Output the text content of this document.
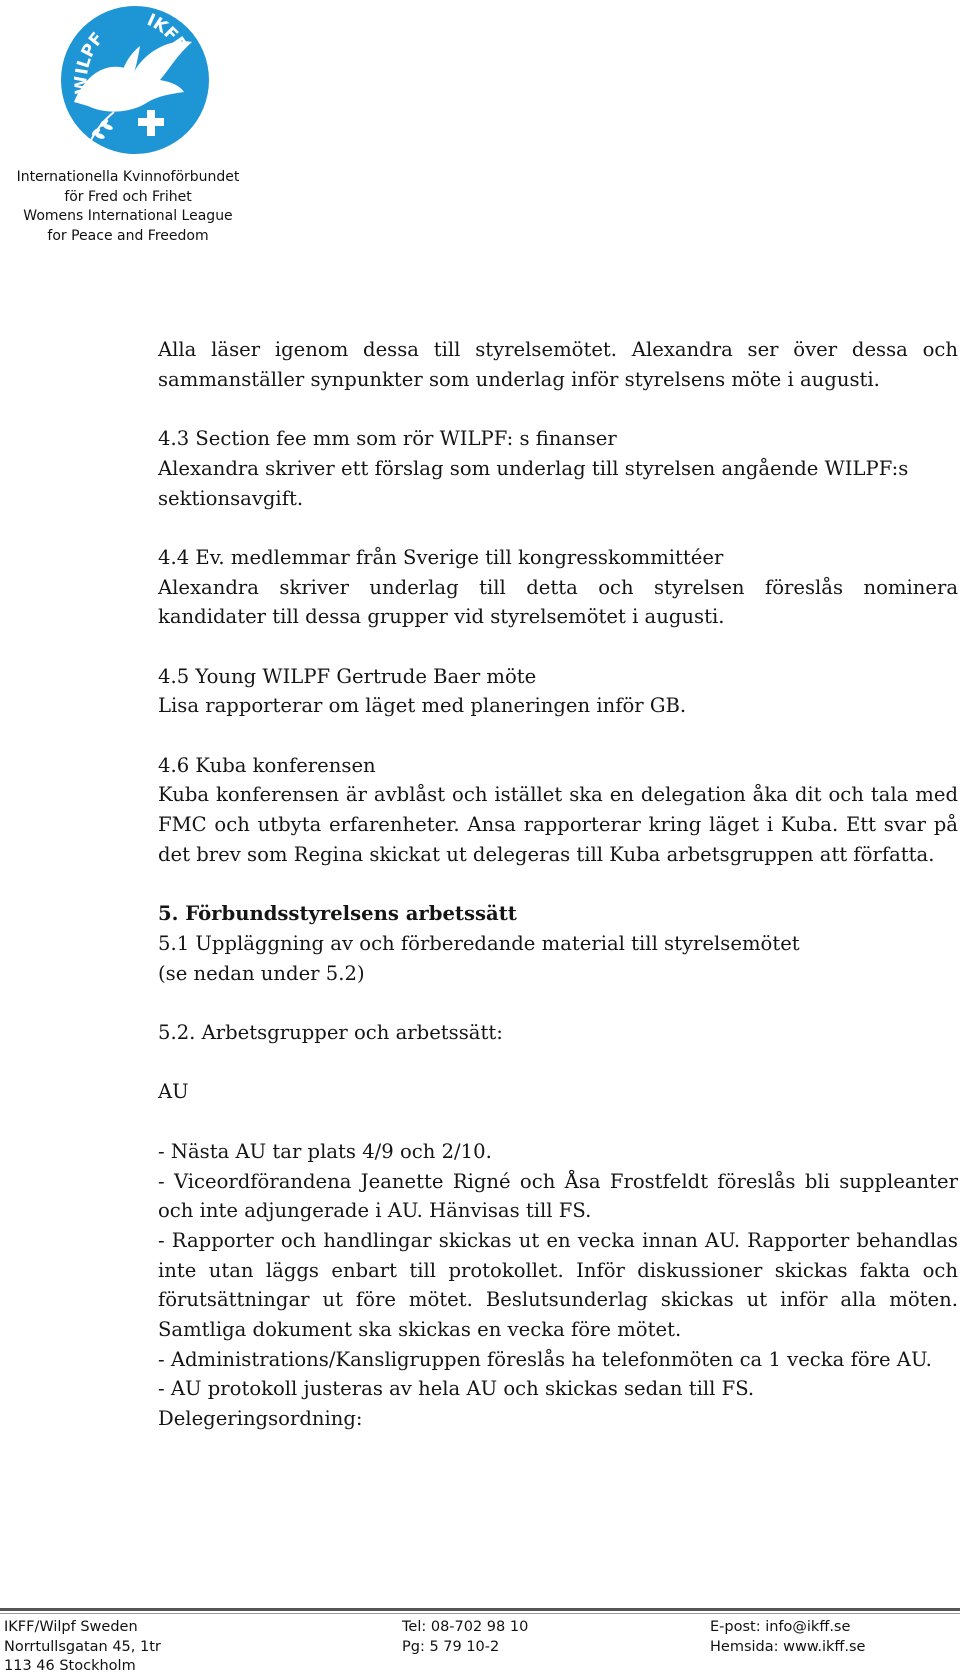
WILPF
IKFF
Internationella Kvinnoförbundet
för Fred och Frihet
Womens International League
for Peace and Freedom

Alla läser igenom dessa till styrelsemötet. Alexandra ser över dessa och sammanställer synpunkter som underlag inför styrelsens möte i augusti.

4.3 Section fee mm som rör WILPF: s finanser

Alexandra skriver ett förslag som underlag till styrelsen angående WILPF:s sektionsavgift.

4.4 Ev. medlemmar från Sverige till kongresskommittéer

Alexandra skriver underlag till detta och styrelsen föreslås nominera kandidater till dessa grupper vid styrelsemötet i augusti.

4.5 Young WILPF Gertrude Baer möte

Lisa rapporterar om läget med planeringen inför GB.

4.6 Kuba konferensen

Kuba konferensen är avblåst och istället ska en delegation åka dit och tala med FMC och utbyta erfarenheter. Ansa rapporterar kring läget i Kuba. Ett svar på det brev som Regina skickat ut delegeras till Kuba arbetsgruppen att författa.

5. Förbundsstyrelsens arbetssätt

5.1 Uppläggning av och förberedande material till styrelsemötet

(se nedan under 5.2)

5.2. Arbetsgrupper och arbetssätt:

AU

- Nästa AU tar plats 4/9 och 2/10.

- Viceordförandena Jeanette Rigné och Åsa Frostfeldt föreslås bli suppleanter och inte adjungerade i AU. Hänvisas till FS.

- Rapporter och handlingar skickas ut en vecka innan AU. Rapporter behandlas inte utan läggs enbart till protokollet. Inför diskussioner skickas fakta och förutsättningar ut före mötet. Beslutsunderlag skickas ut inför alla möten. Samtliga dokument ska skickas en vecka före mötet.

- Administrations/Kansligruppen föreslås ha telefonmöten ca 1 vecka före AU.

- AU protokoll justeras av hela AU och skickas sedan till FS.

Delegeringsordning:

IKFF/Wilpf Sweden
Norrtullsgatan 45, 1tr
113 46 Stockholm
Tel: 08-702 98 10
Pg: 5 79 10-2
E-post: info@ikff.se
Hemsida: www.ikff.se
